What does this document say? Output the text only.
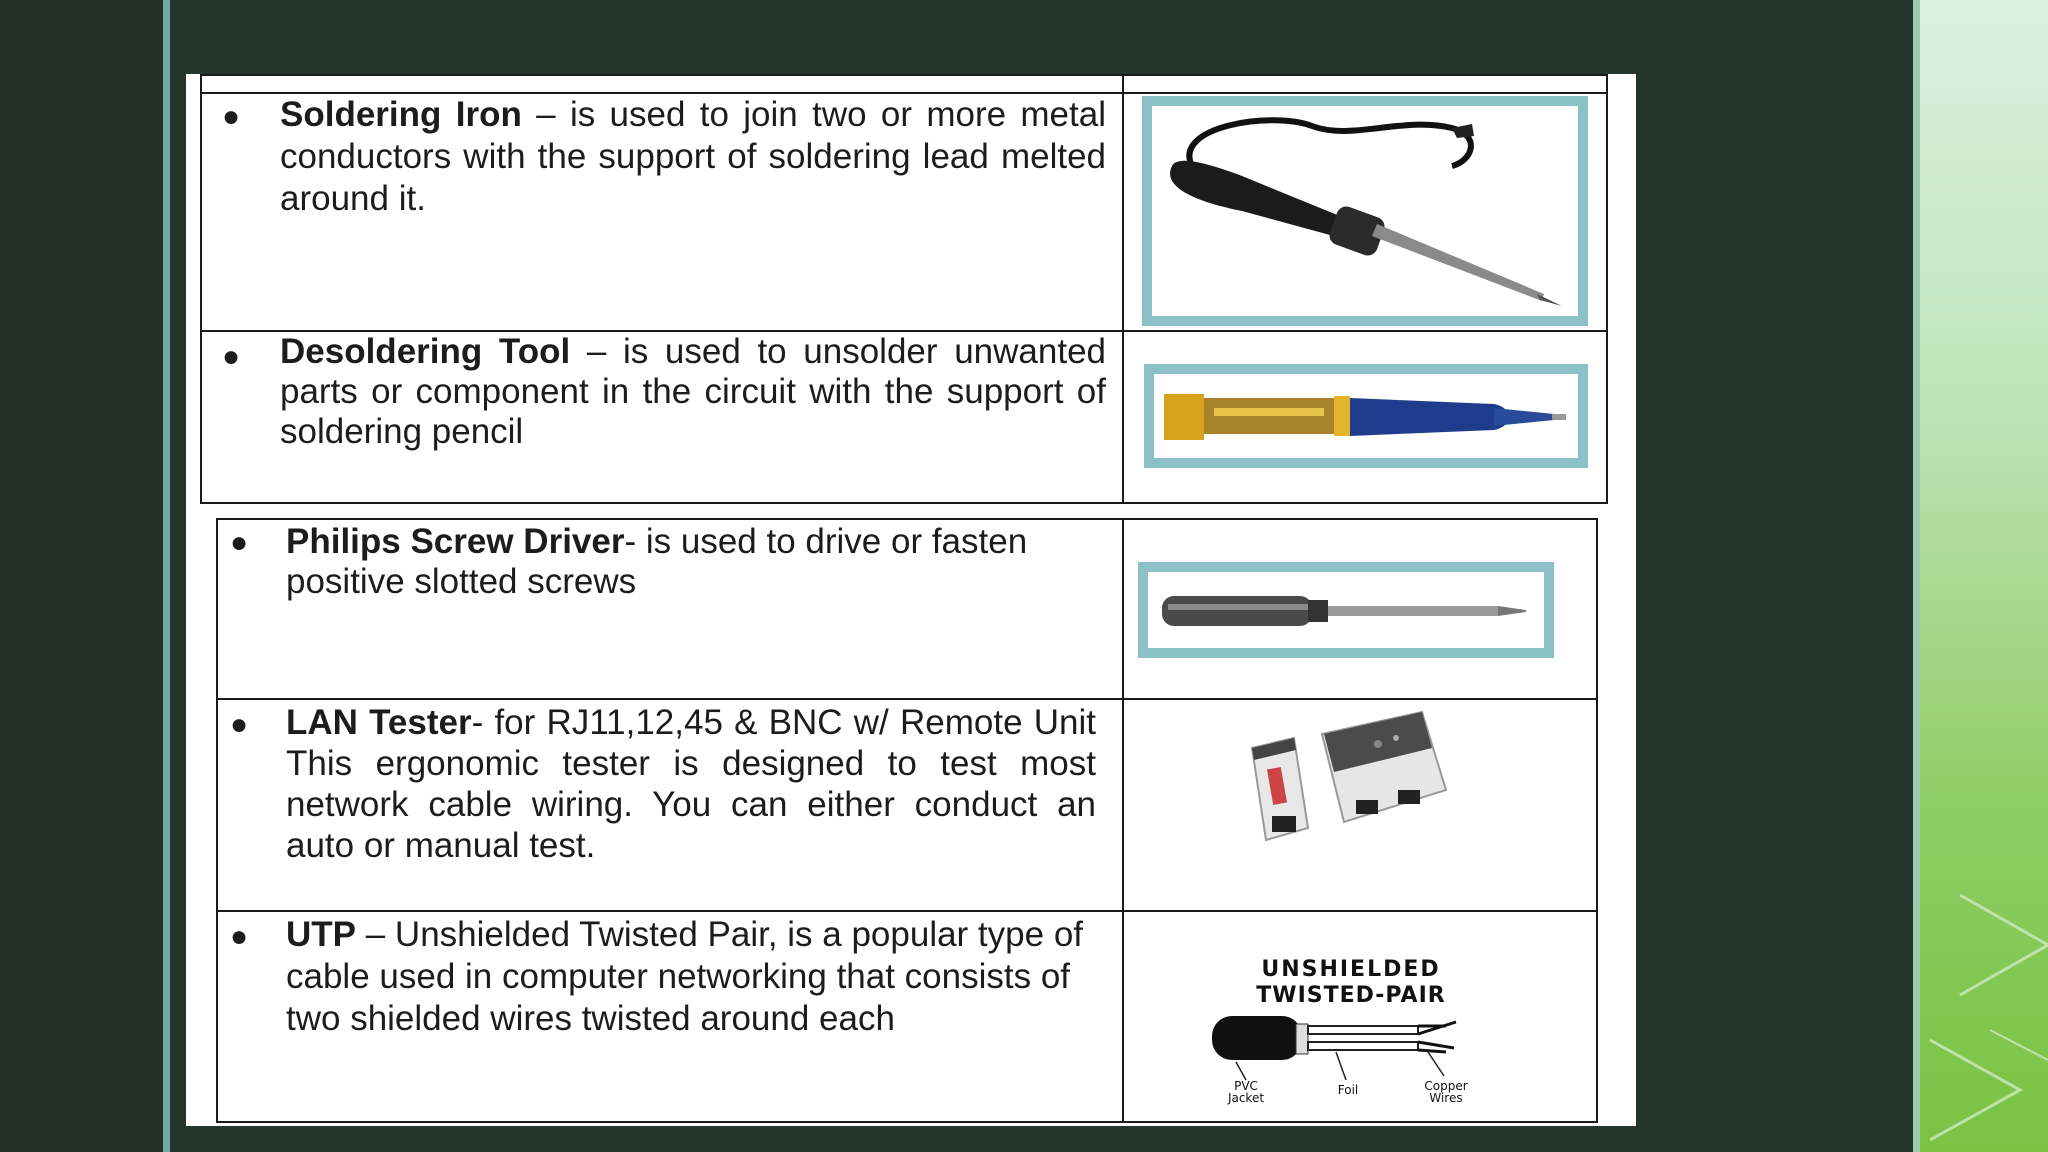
● Soldering Iron – is used to join two or more metal conductors with the support of soldering lead melted around it.
● Desoldering Tool – is used to unsolder unwanted parts or component in the circuit with the support of soldering pencil
● Philips Screw Driver- is used to drive or fasten positive slotted screws
● LAN Tester- for RJ11,12,45 & BNC w/ Remote Unit This ergonomic tester is designed to test most network cable wiring. You can either conduct an auto or manual test.
● UTP – Unshielded Twisted Pair, is a popular type of cable used in computer networking that consists of two shielded wires twisted around each
UNSHIELDED
TWISTED-PAIR
PVC
Jacket
Foil	Copper
Wires
